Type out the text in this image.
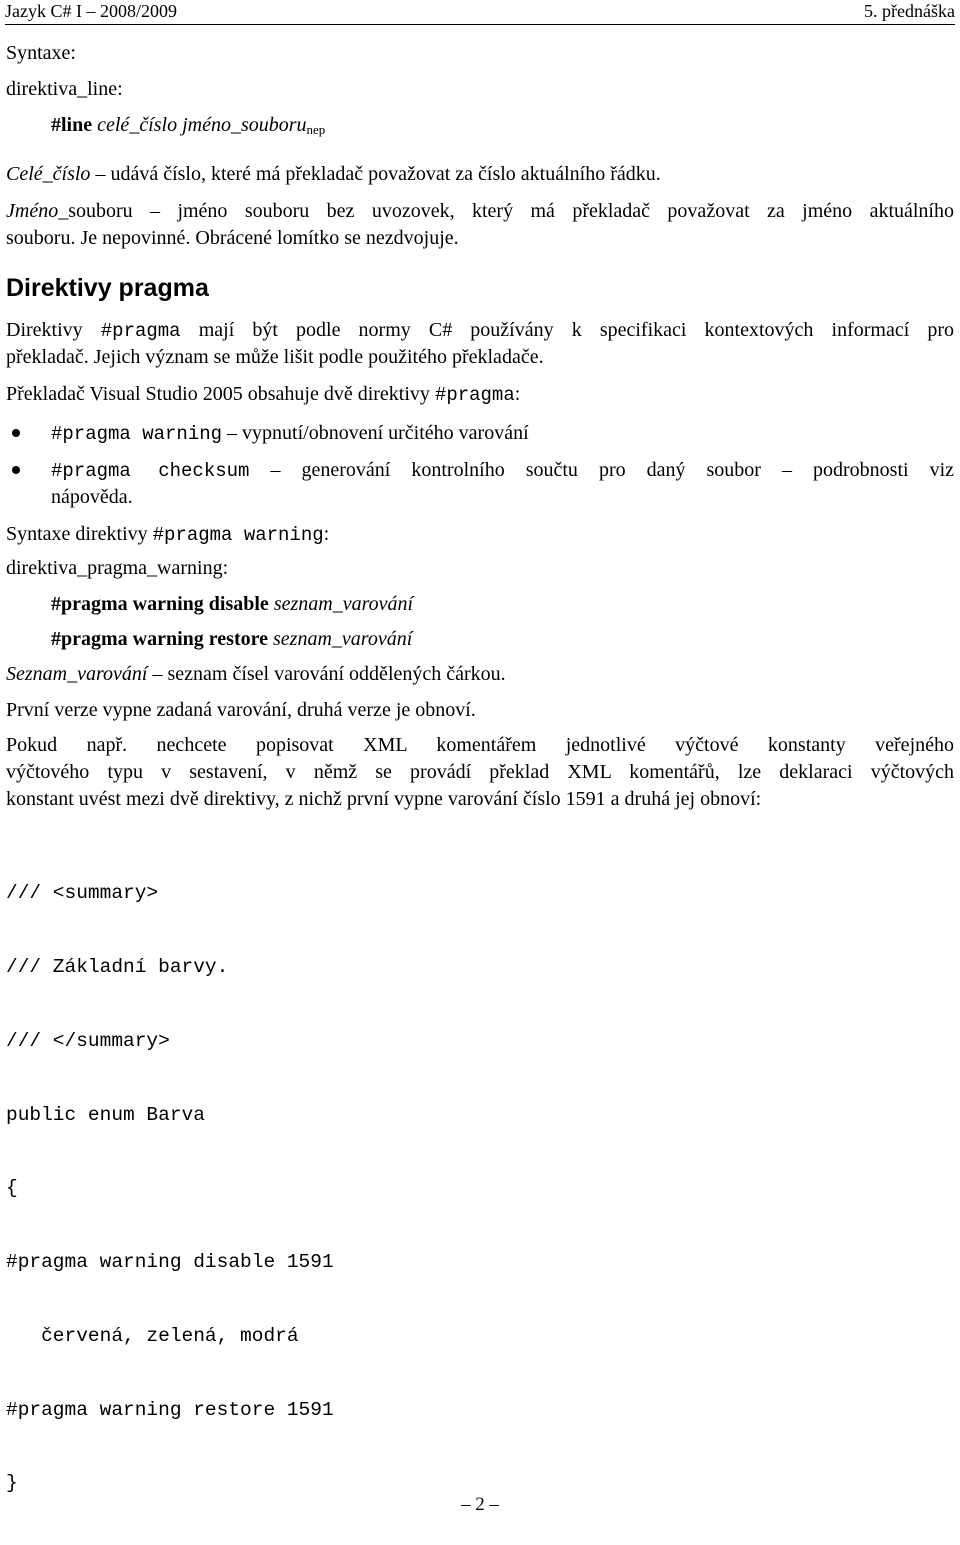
Jazyk C# I – 2008/2009	5. přednáška
Syntaxe:
direktiva_line:
#line celé_číslo jméno_souboru$_{nep}$
Celé_číslo – udává číslo, které má překladač považovat za číslo aktuálního řádku.
Jméno_souboru – jméno souboru bez uvozovek, který má překladač považovat za jméno aktuálního
souboru. Je nepovinné. Obrácené lomítko se nezdvojuje.
Direktivy pragma
Direktivy #pragma mají být podle normy C# používány k specifikaci kontextových informací pro
překladač. Jejich význam se může lišit podle použitého překladače.
Překladač Visual Studio 2005 obsahuje dvě direktivy #pragma:
#pragma warning – vypnutí/obnovení určitého varování
#pragma checksum – generování kontrolního součtu pro daný soubor – podrobnosti viz
nápověda.
Syntaxe direktivy #pragma warning:
direktiva_pragma_warning:
#pragma warning disable seznam_varování
#pragma warning restore seznam_varování
Seznam_varování – seznam čísel varování oddělených čárkou.
První verze vypne zadaná varování, druhá verze je obnoví.
Pokud např. nechcete popisovat XML komentářem jednotlivé výčtové konstanty veřejného
výčtového typu v sestavení, v němž se provádí překlad XML komentářů, lze deklaraci výčtových
konstant uvést mezi dvě direktivy, z nichž první vypne varování číslo 1591 a druhá jej obnoví:

/// <summary>

/// Základní barvy.

/// </summary>

public enum Barva

{

#pragma warning disable 1591

červená, zelená, modrá

#pragma warning restore 1591

}

– 2 –
